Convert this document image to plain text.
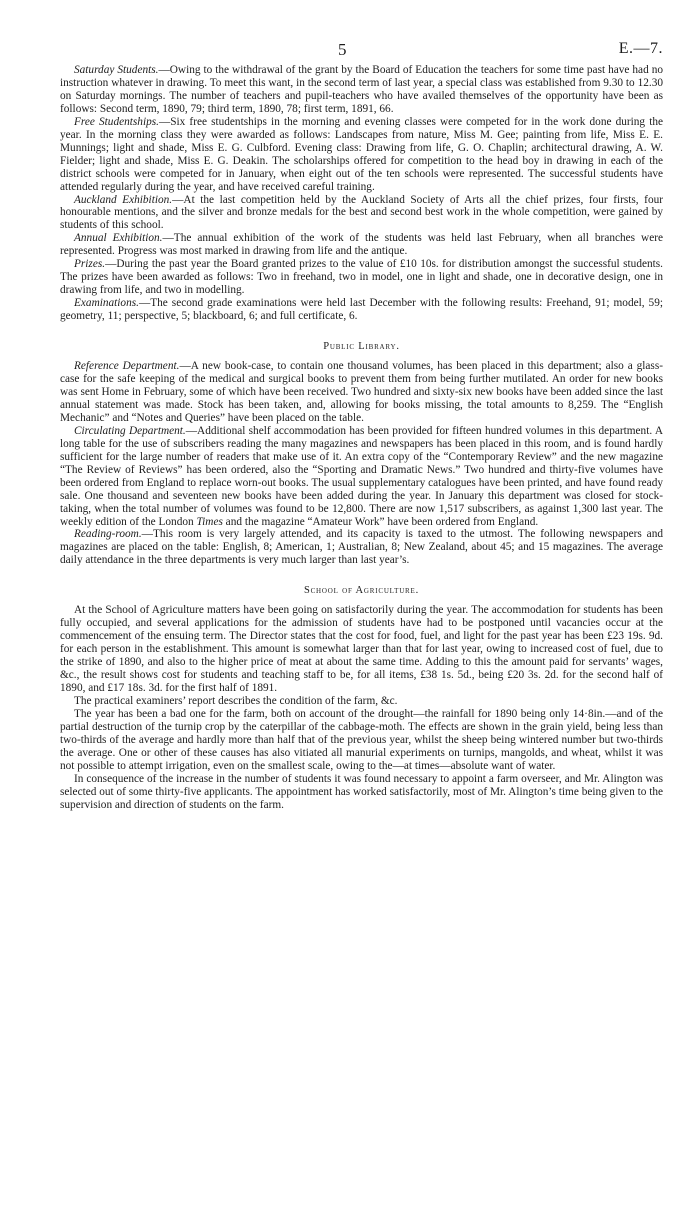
5	E.—7.

Saturday Students.—Owing to the withdrawal of the grant by the Board of Education the teachers for some time past have had no instruction whatever in drawing. To meet this want, in the second term of last year, a special class was established from 9.30 to 12.30 on Saturday mornings. The number of teachers and pupil-teachers who have availed themselves of the opportunity have been as follows: Second term, 1890, 79; third term, 1890, 78; first term, 1891, 66.

Free Studentships.—Six free studentships in the morning and evening classes were competed for in the work done during the year. In the morning class they were awarded as follows: Landscapes from nature, Miss M. Gee; painting from life, Miss E. E. Munnings; light and shade, Miss E. G. Culbford. Evening class: Drawing from life, G. O. Chaplin; architectural drawing, A. W. Fielder; light and shade, Miss E. G. Deakin. The scholarships offered for competition to the head boy in drawing in each of the district schools were competed for in January, when eight out of the ten schools were represented. The successful students have attended regularly during the year, and have received careful training.

Auckland Exhibition.—At the last competition held by the Auckland Society of Arts all the chief prizes, four firsts, four honourable mentions, and the silver and bronze medals for the best and second best work in the whole competition, were gained by students of this school.

Annual Exhibition.—The annual exhibition of the work of the students was held last February, when all branches were represented. Progress was most marked in drawing from life and the antique.

Prizes.—During the past year the Board granted prizes to the value of £10 10s. for distribution amongst the successful students. The prizes have been awarded as follows: Two in freehand, two in model, one in light and shade, one in decorative design, one in drawing from life, and two in modelling.

Examinations.—The second grade examinations were held last December with the following results: Freehand, 91; model, 59; geometry, 11; perspective, 5; blackboard, 6; and full certificate, 6.

Public Library.

Reference Department.—A new book-case, to contain one thousand volumes, has been placed in this department; also a glass-case for the safe keeping of the medical and surgical books to prevent them from being further mutilated. An order for new books was sent Home in February, some of which have been received. Two hundred and sixty-six new books have been added since the last annual statement was made. Stock has been taken, and, allowing for books missing, the total amounts to 8,259. The “English Mechanic” and “Notes and Queries” have been placed on the table.

Circulating Department.—Additional shelf accommodation has been provided for fifteen hundred volumes in this department. A long table for the use of subscribers reading the many magazines and newspapers has been placed in this room, and is found hardly sufficient for the large number of readers that make use of it. An extra copy of the “Contemporary Review” and the new magazine “The Review of Reviews” has been ordered, also the “Sporting and Dramatic News.” Two hundred and thirty-five volumes have been ordered from England to replace worn-out books. The usual supplementary catalogues have been printed, and have found ready sale. One thousand and seventeen new books have been added during the year. In January this department was closed for stock-taking, when the total number of volumes was found to be 12,800. There are now 1,517 subscribers, as against 1,300 last year. The weekly edition of the London Times and the magazine “Amateur Work” have been ordered from England.

Reading-room.—This room is very largely attended, and its capacity is taxed to the utmost. The following newspapers and magazines are placed on the table: English, 8; American, 1; Australian, 8; New Zealand, about 45; and 15 magazines. The average daily attendance in the three departments is very much larger than last year’s.

School of Agriculture.

At the School of Agriculture matters have been going on satisfactorily during the year. The accommodation for students has been fully occupied, and several applications for the admission of students have had to be postponed until vacancies occur at the commencement of the ensuing term. The Director states that the cost for food, fuel, and light for the past year has been £23 19s. 9d. for each person in the establishment. This amount is somewhat larger than that for last year, owing to increased cost of fuel, due to the strike of 1890, and also to the higher price of meat at about the same time. Adding to this the amount paid for servants’ wages, &c., the result shows cost for students and teaching staff to be, for all items, £38 1s. 5d., being £20 3s. 2d. for the second half of 1890, and £17 18s. 3d. for the first half of 1891.

The practical examiners’ report describes the condition of the farm, &c.

The year has been a bad one for the farm, both on account of the drought—the rainfall for 1890 being only 14·8in.—and of the partial destruction of the turnip crop by the caterpillar of the cabbage-moth. The effects are shown in the grain yield, being less than two-thirds of the average and hardly more than half that of the previous year, whilst the sheep being wintered number but two-thirds the average. One or other of these causes has also vitiated all manurial experiments on turnips, mangolds, and wheat, whilst it was not possible to attempt irrigation, even on the smallest scale, owing to the—at times—absolute want of water.

In consequence of the increase in the number of students it was found necessary to appoint a farm overseer, and Mr. Alington was selected out of some thirty-five applicants. The appointment has worked satisfactorily, most of Mr. Alington’s time being given to the supervision and direction of students on the farm.
